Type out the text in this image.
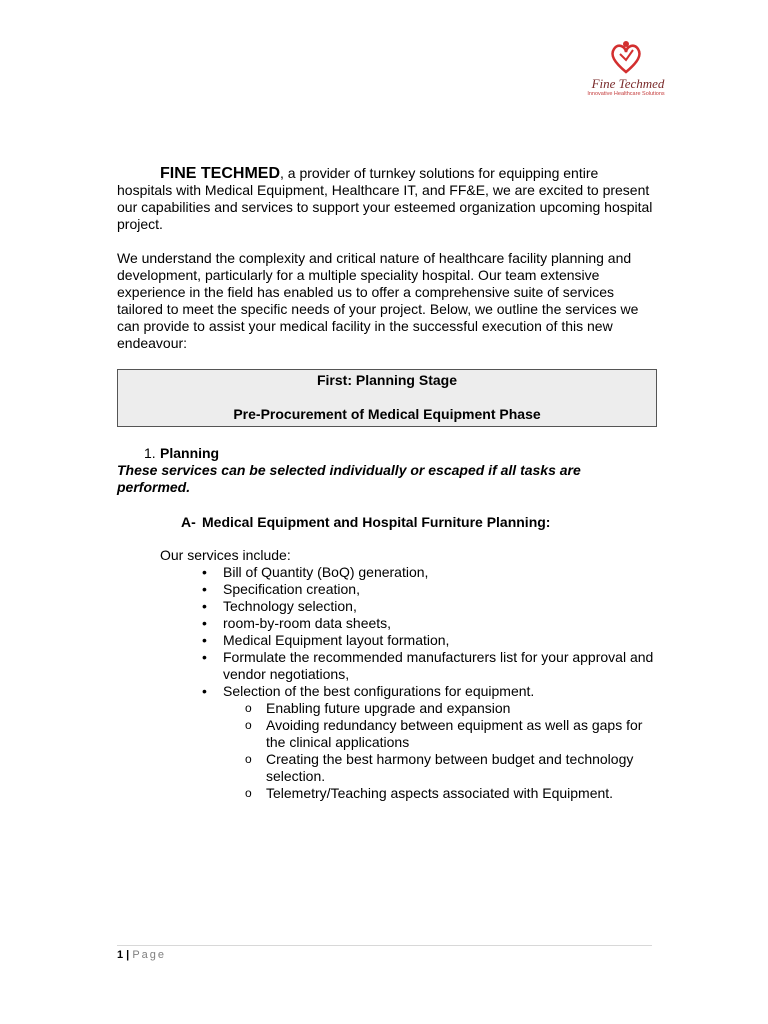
Fine Techmed
Innovative Healthcare Solutions

FINE TECHMED, a provider of turnkey solutions for equipping entire hospitals with Medical Equipment, Healthcare IT, and FF&E, we are excited to present our capabilities and services to support your esteemed organization upcoming hospital project.

We understand the complexity and critical nature of healthcare facility planning and development, particularly for a multiple speciality hospital. Our team extensive experience in the field has enabled us to offer a comprehensive suite of services tailored to meet the specific needs of your project. Below, we outline the services we can provide to assist your medical facility in the successful execution of this new endeavour:

First: Planning Stage
Pre-Procurement of Medical Equipment Phase
1. Planning

These services can be selected individually or escaped if all tasks are performed.

A- Medical Equipment and Hospital Furniture Planning:

Our services include:

• Bill of Quantity (BoQ) generation,
• Specification creation,
• Technology selection,
• room-by-room data sheets,
• Medical Equipment layout formation,
• Formulate the recommended manufacturers list for your approval and vendor negotiations,
• Selection of the best configurations for equipment.
o Enabling future upgrade and expansion
o Avoiding redundancy between equipment as well as gaps for the clinical applications
o Creating the best harmony between budget and technology selection.
o Telemetry/Teaching aspects associated with Equipment.
1 | Page
